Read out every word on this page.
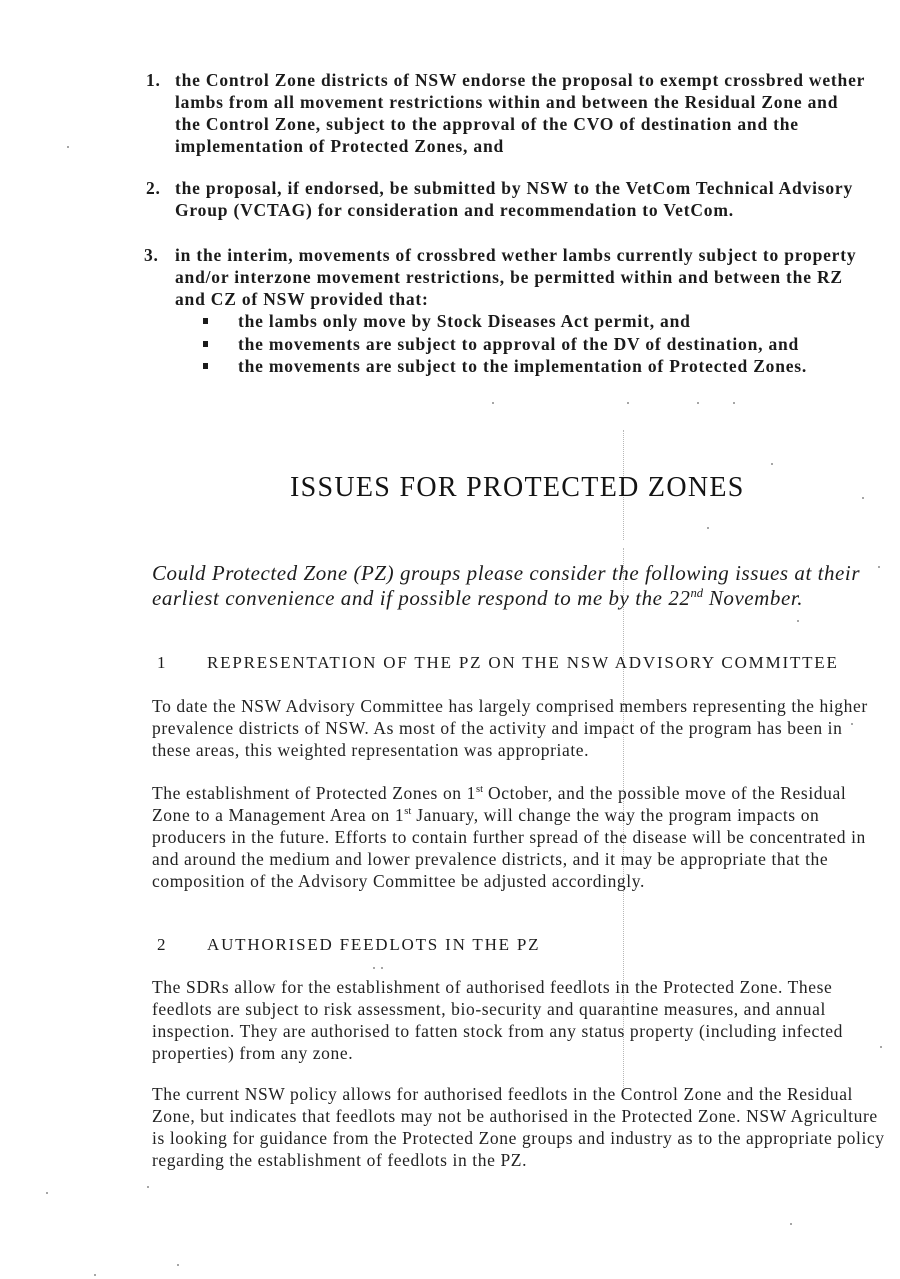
1. the Control Zone districts of NSW endorse the proposal to exempt crossbred wether
lambs from all movement restrictions within and between the Residual Zone and
the Control Zone, subject to the approval of the CVO of destination and the
implementation of Protected Zones, and
2. the proposal, if endorsed, be submitted by NSW to the VetCom Technical Advisory
Group (VCTAG) for consideration and recommendation to VetCom.
3. in the interim, movements of crossbred wether lambs currently subject to property
and/or interzone movement restrictions, be permitted within and between the RZ
and CZ of NSW provided that:
the lambs only move by Stock Diseases Act permit, and
the movements are subject to approval of the DV of destination, and
the movements are subject to the implementation of Protected Zones.
ISSUES FOR PROTECTED ZONES
Could Protected Zone (PZ) groups please consider the following issues at their
earliest convenience and if possible respond to me by the 22nd November.
1 REPRESENTATION OF THE PZ ON THE NSW ADVISORY COMMITTEE
To date the NSW Advisory Committee has largely comprised members representing the higher
prevalence districts of NSW. As most of the activity and impact of the program has been in
these areas, this weighted representation was appropriate.
The establishment of Protected Zones on 1st October, and the possible move of the Residual
Zone to a Management Area on 1st January, will change the way the program impacts on
producers in the future. Efforts to contain further spread of the disease will be concentrated in
and around the medium and lower prevalence districts, and it may be appropriate that the
composition of the Advisory Committee be adjusted accordingly.
2 AUTHORISED FEEDLOTS IN THE PZ
The SDRs allow for the establishment of authorised feedlots in the Protected Zone. These
feedlots are subject to risk assessment, bio-security and quarantine measures, and annual
inspection. They are authorised to fatten stock from any status property (including infected
properties) from any zone.
The current NSW policy allows for authorised feedlots in the Control Zone and the Residual
Zone, but indicates that feedlots may not be authorised in the Protected Zone. NSW Agriculture
is looking for guidance from the Protected Zone groups and industry as to the appropriate policy
regarding the establishment of feedlots in the PZ.
